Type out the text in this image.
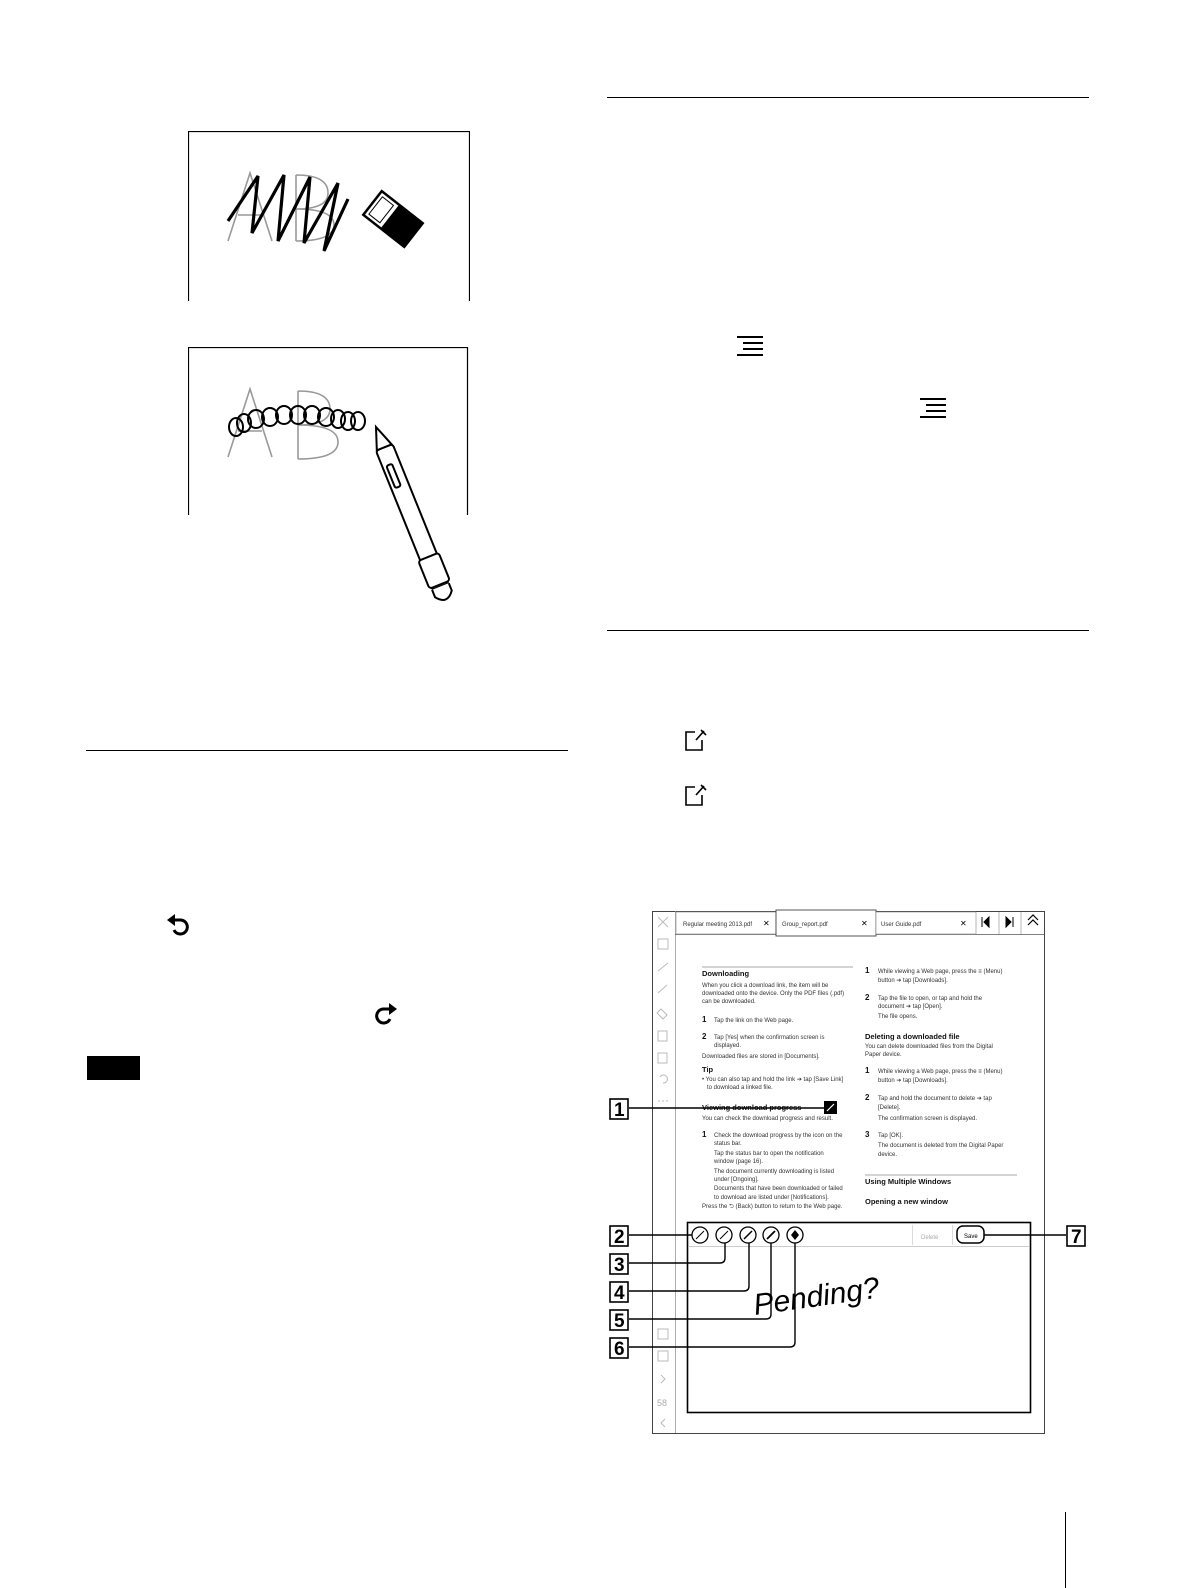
58
Regular meeting 2013.pdf ✕ Group_report.pdf	✕ User Guide.pdf	✕
Downloading
When you click a download link, the item will be
downloaded onto the device. Only the PDF files (.pdf)
can be downloaded.
1 Tap the link on the Web page.
2 Tap [Yes] when the confirmation screen is
displayed.
Downloaded files are stored in [Documents].
Tip
• You can also tap and hold the link ➔ tap [Save Link]
to download a linked file.
Viewing download progress
You can check the download progress and result.
1 Check the download progress by the icon on the
status bar.
Tap the status bar to open the notification
window (page 16).
The document currently downloading is listed
under [Ongoing].
Documents that have been downloaded or failed
to download are listed under [Notifications].
Press the ⮌ (Back) button to return to the Web page.
1 While viewing a Web page, press the ≡ (Menu)
button ➔ tap [Downloads].
2 Tap the file to open, or tap and hold the
document ➔ tap [Open].
The file opens.
Deleting a downloaded file
You can delete downloaded files from the Digital
Paper device.
1 While viewing a Web page, press the ≡ (Menu)
button ➔ tap [Downloads].
2 Tap and hold the document to delete ➔ tap
[Delete].
The confirmation screen is displayed.
3 Tap [OK].
The document is deleted from the Digital Paper
device.
Using Multiple Windows
Opening a new window
Delete	Save
Pending?
1
2
3
4
5
6
7
